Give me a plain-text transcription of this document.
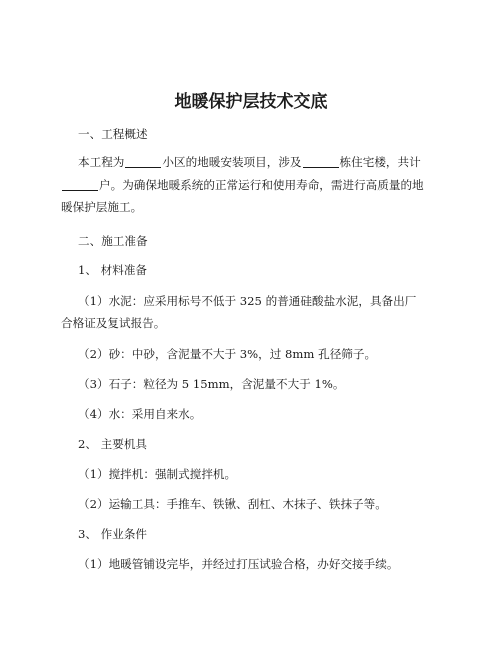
地暖保护层技术交底
一、工程概述
本工程为	小区的地暖安装项目，涉及	栋住宅楼，共计
户。为确保地暖系统的正常运行和使用寿命，需进行高质量的地
暖保护层施工。
二、施工准备
1、 材料准备
（1）水泥：应采用标号不低于 325 的普通硅酸盐水泥，具备出厂
合格证及复试报告。
（2）砂：中砂，含泥量不大于 3%，过 8mm 孔径筛子。
（3）石子：粒径为 5 15mm，含泥量不大于 1%。
（4）水：采用自来水。
2、 主要机具
（1）搅拌机：强制式搅拌机。
（2）运输工具：手推车、铁锹、刮杠、木抹子、铁抹子等。
3、 作业条件
（1）地暖管铺设完毕，并经过打压试验合格，办好交接手续。
